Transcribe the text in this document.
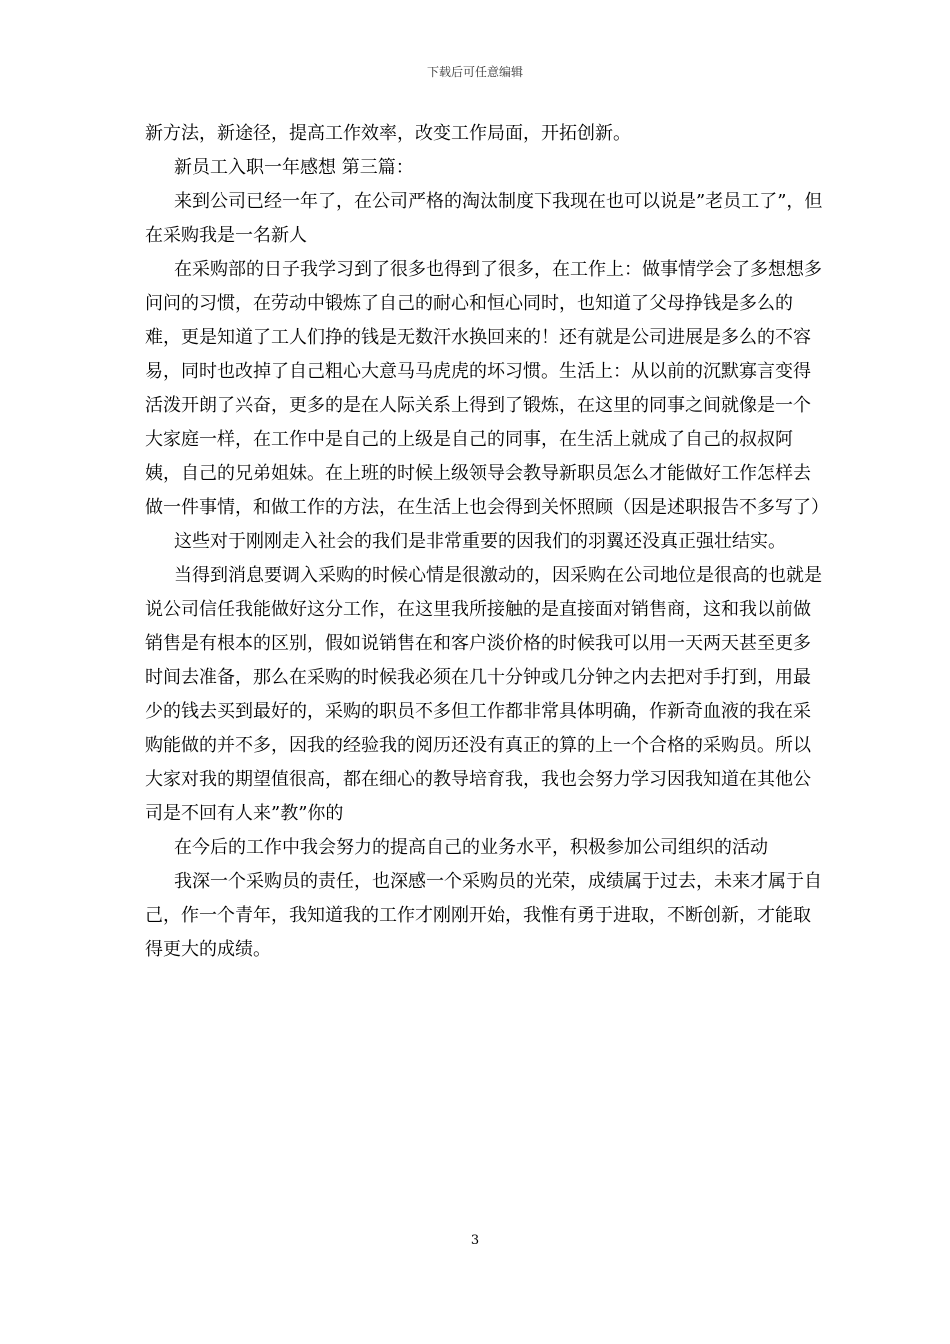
下载后可任意编辑

新方法，新途径，提高工作效率，改变工作局面，开拓创新。

新员工入职一年感想 第三篇：

来到公司已经一年了，在公司严格的淘汰制度下我现在也可以说是”老员工了”，但在采购我是一名新人

在采购部的日子我学习到了很多也得到了很多，在工作上：做事情学会了多想想多问问的习惯，在劳动中锻炼了自己的耐心和恒心同时，也知道了父母挣钱是多么的难，更是知道了工人们挣的钱是无数汗水换回来的！还有就是公司进展是多么的不容易，同时也改掉了自己粗心大意马马虎虎的坏习惯。生活上：从以前的沉默寡言变得活泼开朗了兴奋，更多的是在人际关系上得到了锻炼，在这里的同事之间就像是一个大家庭一样，在工作中是自己的上级是自己的同事，在生活上就成了自己的叔叔阿姨，自己的兄弟姐妹。在上班的时候上级领导会教导新职员怎么才能做好工作怎样去做一件事情，和做工作的方法，在生活上也会得到关怀照顾（因是述职报告不多写了）

这些对于刚刚走入社会的我们是非常重要的因我们的羽翼还没真正强壮结实。

当得到消息要调入采购的时候心情是很激动的，因采购在公司地位是很高的也就是说公司信任我能做好这分工作，在这里我所接触的是直接面对销售商，这和我以前做销售是有根本的区别，假如说销售在和客户淡价格的时候我可以用一天两天甚至更多时间去准备，那么在采购的时候我必须在几十分钟或几分钟之内去把对手打到，用最少的钱去买到最好的，采购的职员不多但工作都非常具体明确，作新奇血液的我在采购能做的并不多，因我的经验我的阅历还没有真正的算的上一个合格的采购员。所以大家对我的期望值很高，都在细心的教导培育我，我也会努力学习因我知道在其他公司是不回有人来”教”你的

在今后的工作中我会努力的提高自己的业务水平，积极参加公司组织的活动

我深一个采购员的责任，也深感一个采购员的光荣，成绩属于过去，未来才属于自己，作一个青年，我知道我的工作才刚刚开始，我惟有勇于进取，不断创新，才能取得更大的成绩。

3
